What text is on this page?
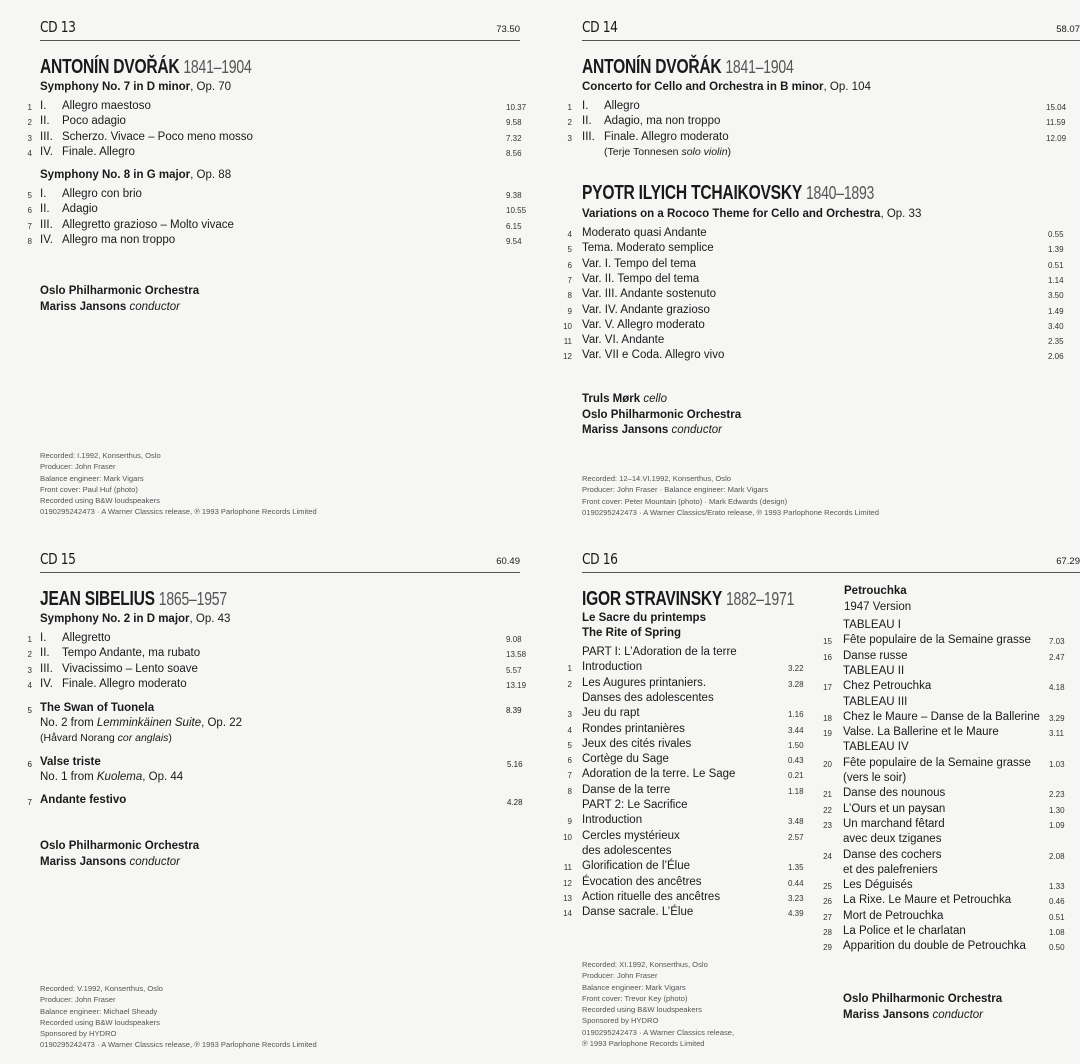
CD 13	73.50
ANTONÍN DVOŘÁK 1841–1904
Symphony No. 7 in D minor, Op. 70
1 I. Allegro maestoso	10.37
2 II. Poco adagio	9.58
3 III. Scherzo. Vivace – Poco meno mosso	7.32
4 IV. Finale. Allegro	8.56
Symphony No. 8 in G major, Op. 88
5 I. Allegro con brio	9.38
6 II. Adagio	10.55
7 III. Allegretto grazioso – Molto vivace	6.15
8 IV. Allegro ma non troppo	9.54
Oslo Philharmonic Orchestra
Mariss Jansons conductor
Recorded: I.1992, Konserthus, Oslo
Producer: John Fraser
Balance engineer: Mark Vigars
Front cover: Paul Huf (photo)
Recorded using B&W loudspeakers
0190295242473 · A Warner Classics release, ℗ 1993 Parlophone Records Limited
CD 14	58.07
ANTONÍN DVOŘÁK 1841–1904
Concerto for Cello and Orchestra in B minor, Op. 104
1 I. Allegro	15.04
2 II. Adagio, ma non troppo	11.59
3 III. Finale. Allegro moderato	12.09
(Terje Tonnesen solo violin)
PYOTR ILYICH TCHAIKOVSKY 1840–1893
Variations on a Rococo Theme for Cello and Orchestra, Op. 33
4 Moderato quasi Andante	0.55
5 Tema. Moderato semplice	1.39
6 Var. I. Tempo del tema	0.51
7 Var. II. Tempo del tema	1.14
8 Var. III. Andante sostenuto	3.50
9 Var. IV. Andante grazioso	1.49
10 Var. V. Allegro moderato	3.40
11 Var. VI. Andante	2.35
12 Var. VII e Coda. Allegro vivo	2.06
Truls Mørk cello
Oslo Philharmonic Orchestra
Mariss Jansons conductor
Recorded: 12–14.VI.1992, Konserthus, Oslo
Producer: John Fraser · Balance engineer: Mark Vigars
Front cover: Peter Mountain (photo) · Mark Edwards (design)
0190295242473 · A Warner Classics/Erato release, ℗ 1993 Parlophone Records Limited
CD 15	60.49
JEAN SIBELIUS 1865–1957
Symphony No. 2 in D major, Op. 43
1 I. Allegretto	9.08
2 II. Tempo Andante, ma rubato	13.58
3 III. Vivacissimo – Lento soave	5.57
4 IV. Finale. Allegro moderato	13.19
5 The Swan of Tuonela	8.39
No. 2 from Lemminkäinen Suite, Op. 22
(Håvard Norang cor anglais)
6 Valse triste	5.16
No. 1 from Kuolema, Op. 44
7 Andante festivo	4.28
Oslo Philharmonic Orchestra
Mariss Jansons conductor
Recorded: V.1992, Konserthus, Oslo
Producer: John Fraser
Balance engineer: Michael Sheady
Recorded using B&W loudspeakers
Sponsored by HYDRO
0190295242473 · A Warner Classics release, ℗ 1993 Parlophone Records Limited
CD 16	67.29
IGOR STRAVINSKY 1882–1971
Le Sacre du printemps
The Rite of Spring
PART I: L’Adoration de la terre
1 Introduction	3.22
2 Les Augures printaniers.	3.28
Danses des adolescentes
3 Jeu du rapt	1.16
4 Rondes printanières	3.44
5 Jeux des cités rivales	1.50
6 Cortège du Sage	0.43
7 Adoration de la terre. Le Sage	0.21
8 Danse de la terre	1.18
PART 2: Le Sacrifice
9 Introduction	3.48
10 Cercles mystérieux	2.57
des adolescentes
11 Glorification de l’Élue	1.35
12 Évocation des ancêtres	0.44
13 Action rituelle des ancêtres	3.23
14 Danse sacrale. L’Élue	4.39
Petrouchka
1947 Version
TABLEAU I
15 Fête populaire de la Semaine grasse 7.03
16 Danse russe	2.47
TABLEAU II
17 Chez Petrouchka	4.18
TABLEAU III
18 Chez le Maure – Danse de la Ballerine 3.29
19 Valse. La Ballerine et le Maure	3.11
TABLEAU IV
20 Fête populaire de la Semaine grasse 1.03
(vers le soir)
21 Danse des nounous	2.23
22 L’Ours et un paysan	1.30
23 Un marchand fêtard	1.09
avec deux tziganes
24 Danse des cochers	2.08
et des palefreniers
25 Les Déguisés	1.33
26 La Rixe. Le Maure et Petrouchka	0.46
27 Mort de Petrouchka	0.51
28 La Police et le charlatan	1.08
29 Apparition du double de Petrouchka	0.50
Oslo Philharmonic Orchestra
Mariss Jansons conductor
Recorded: XI.1992, Konserthus, Oslo
Producer: John Fraser
Balance engineer: Mark Vigars
Front cover: Trevor Key (photo)
Recorded using B&W loudspeakers
Sponsored by HYDRO
0190295242473 · A Warner Classics release,
℗ 1993 Parlophone Records Limited
